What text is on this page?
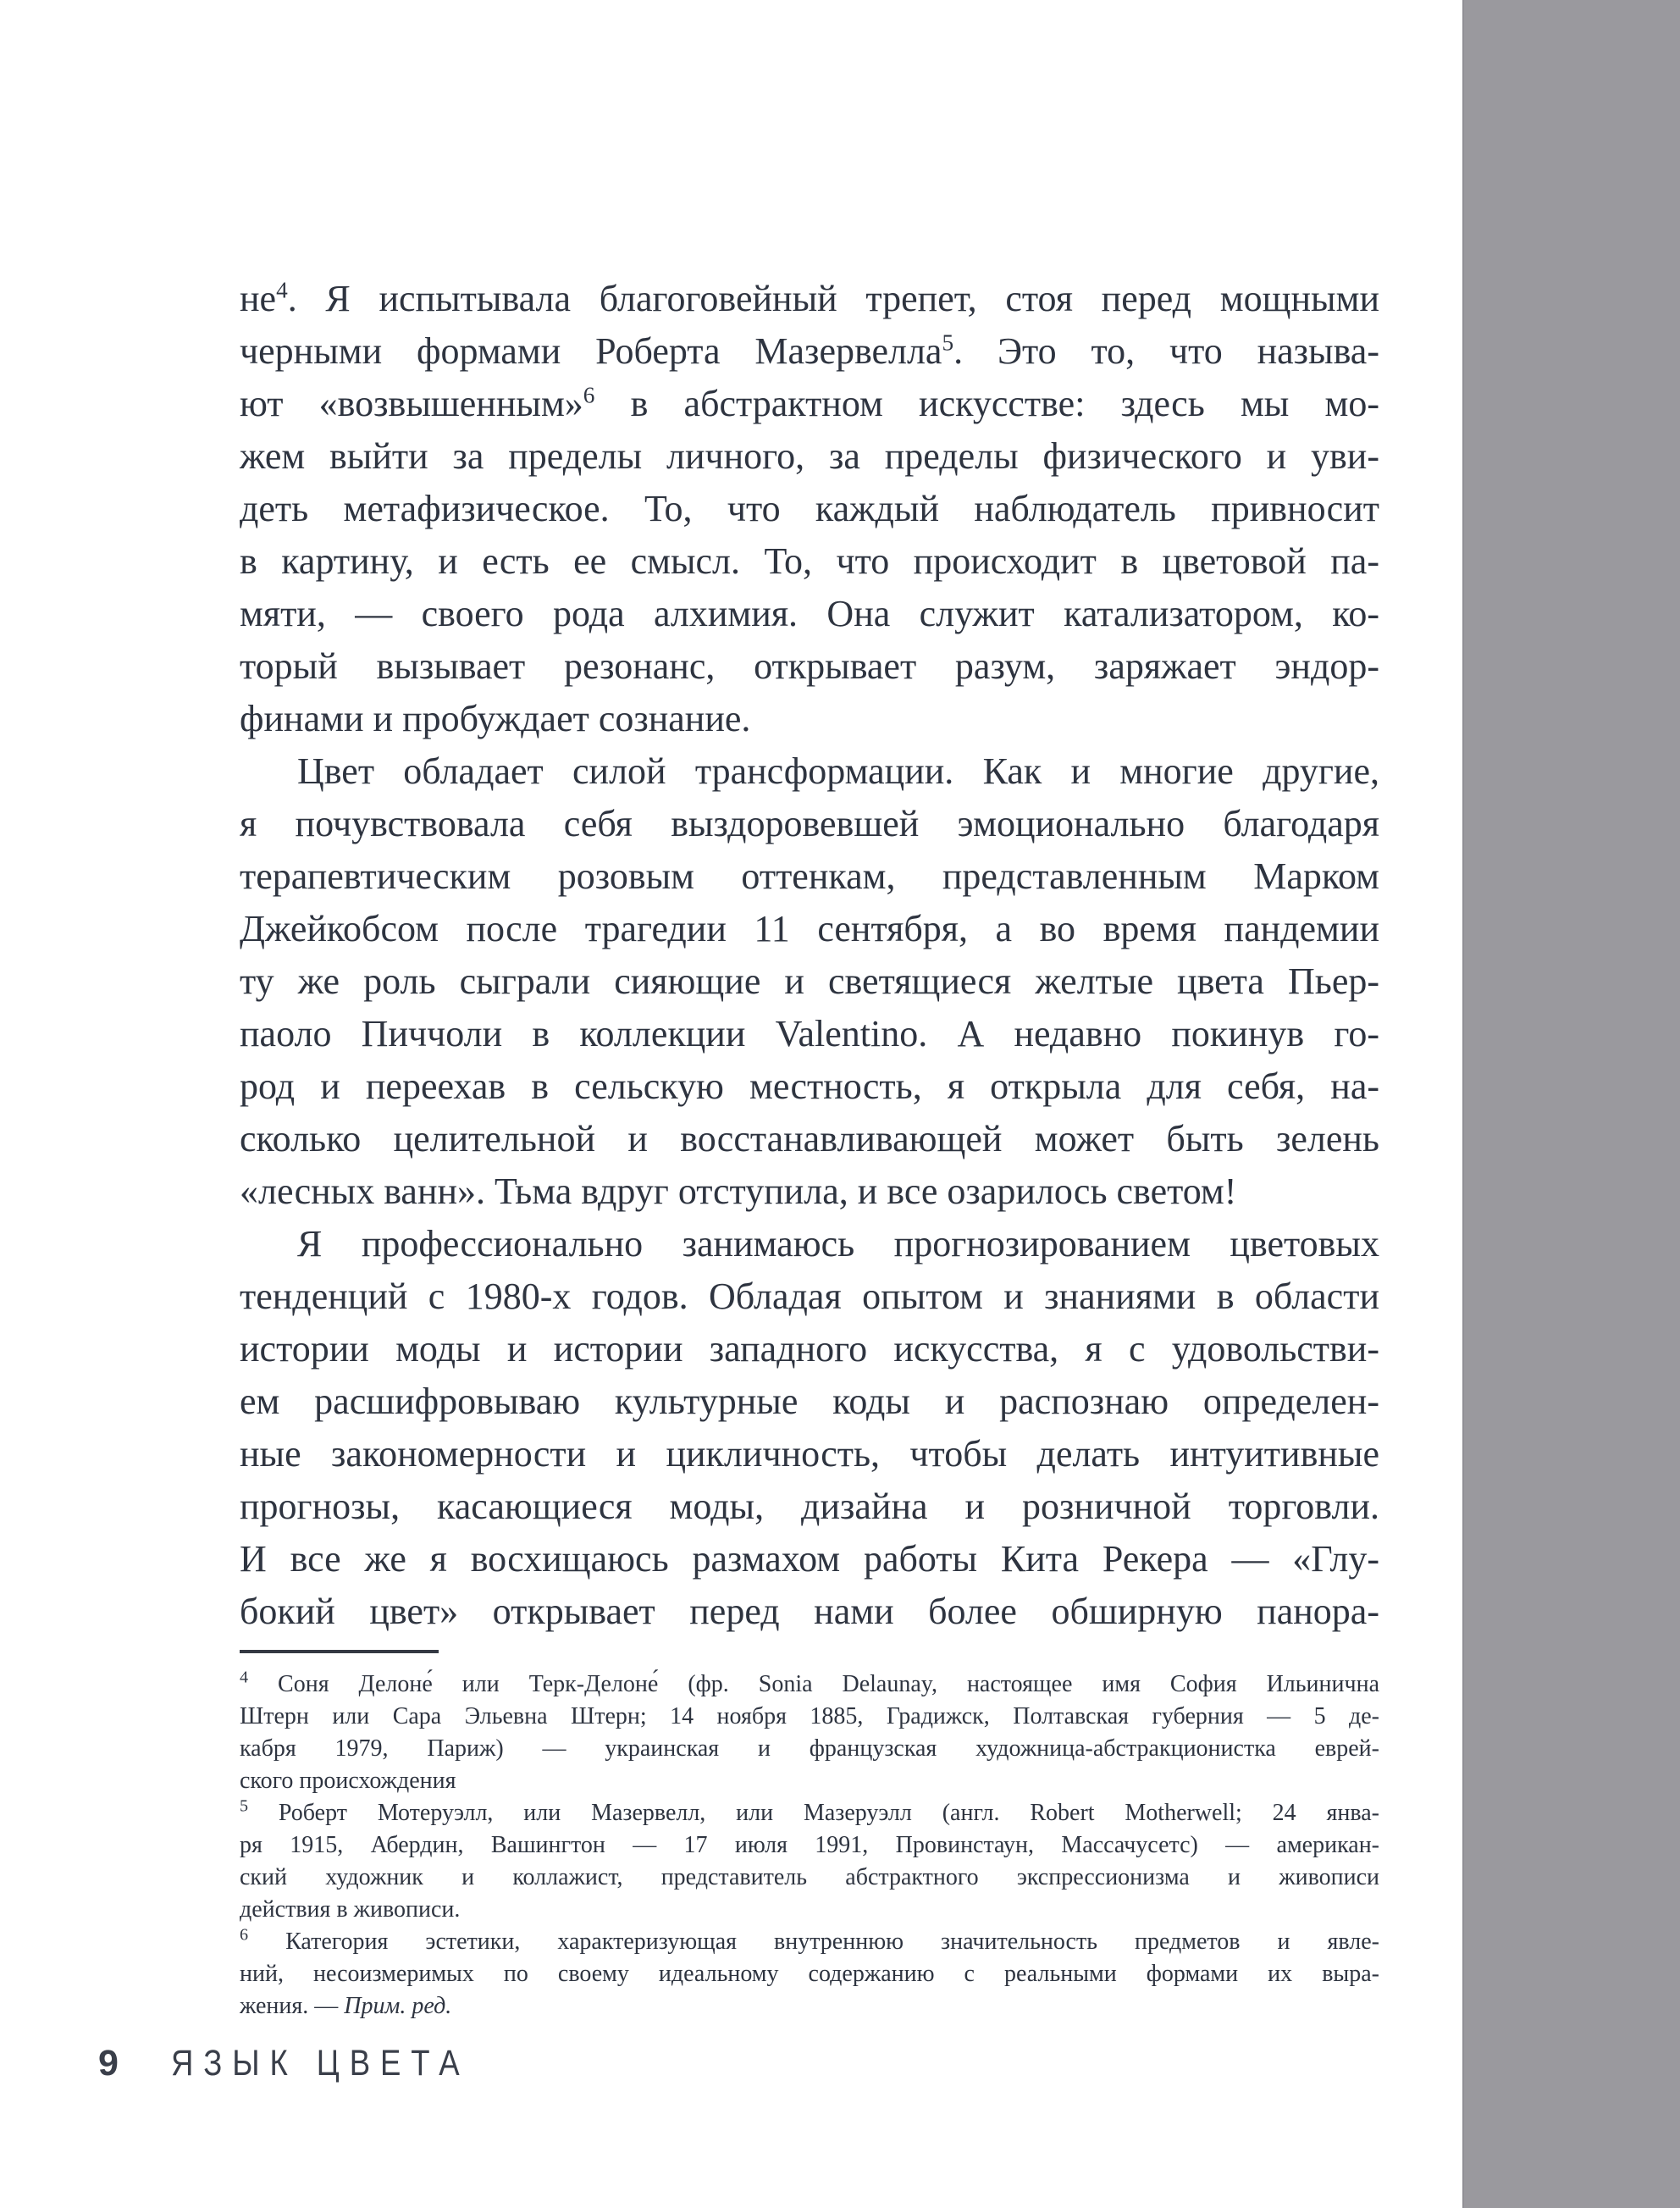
$не^4$. Я испытывала благоговейный трепет, стоя перед мощными
черными формами Роберта Мазервелла$^5$. Это то, что называ-
ют «возвышенным»$^6$ в абстрактном искусстве: здесь мы мо-
жем выйти за пределы личного, за пределы физического и уви-
деть метафизическое. То, что каждый наблюдатель привносит
в картину, и есть ее смысл. То, что происходит в цветовой па-
мяти, — своего рода алхимия. Она служит катализатором, ко-
торый вызывает резонанс, открывает разум, заряжает эндор-
финами и пробуждает сознание.
Цвет обладает силой трансформации. Как и многие другие,
я почувствовала себя выздоровевшей эмоционально благодаря
терапевтическим розовым оттенкам, представленным Марком
Джейкобсом после трагедии 11 сентября, а во время пандемии
ту же роль сыграли сияющие и светящиеся желтые цвета Пьер-
паоло Пиччоли в коллекции Valentino. А недавно покинув го-
род и переехав в сельскую местность, я открыла для себя, на-
сколько целительной и восстанавливающей может быть зелень
«лесных ванн». Тьма вдруг отступила, и все озарилось светом!
Я профессионально занимаюсь прогнозированием цветовых
тенденций с 1980-х годов. Обладая опытом и знаниями в области
истории моды и истории западного искусства, я с удовольстви-
ем расшифровываю культурные коды и распознаю определен-
ные закономерности и цикличность, чтобы делать интуитивные
прогнозы, касающиеся моды, дизайна и розничной торговли.
И все же я восхищаюсь размахом работы Кита Рекера — «Глу-
бокий цвет» открывает перед нами более обширную панора-
$^4$ Соня Делоне́ или Терк-Делоне́ (фр. Sonia Delaunay, настоящее имя София Ильинична
Штерн или Сара Эльевна Штерн; 14 ноября 1885, Градижск, Полтавская губерния — 5 де-
кабря 1979, Париж) — украинская и французская художница-абстракционистка еврей-
ского происхождения
$^5$ Роберт Мотеруэлл, или Мазервелл, или Мазеруэлл (англ. Robert Motherwell; 24 янва-
ря 1915, Абердин, Вашингтон — 17 июля 1991, Провинстаун, Массачусетс) — американ-
ский художник и коллажист, представитель абстрактного экспрессионизма и живописи
действия в живописи.
$^6$ Категория эстетики, характеризующая внутреннюю значительность предметов и явле-
ний, несоизмеримых по своему идеальному содержанию с реальными формами их выра-
жения. — Прим. ред.
9 ЯЗЫК ЦВЕТА
